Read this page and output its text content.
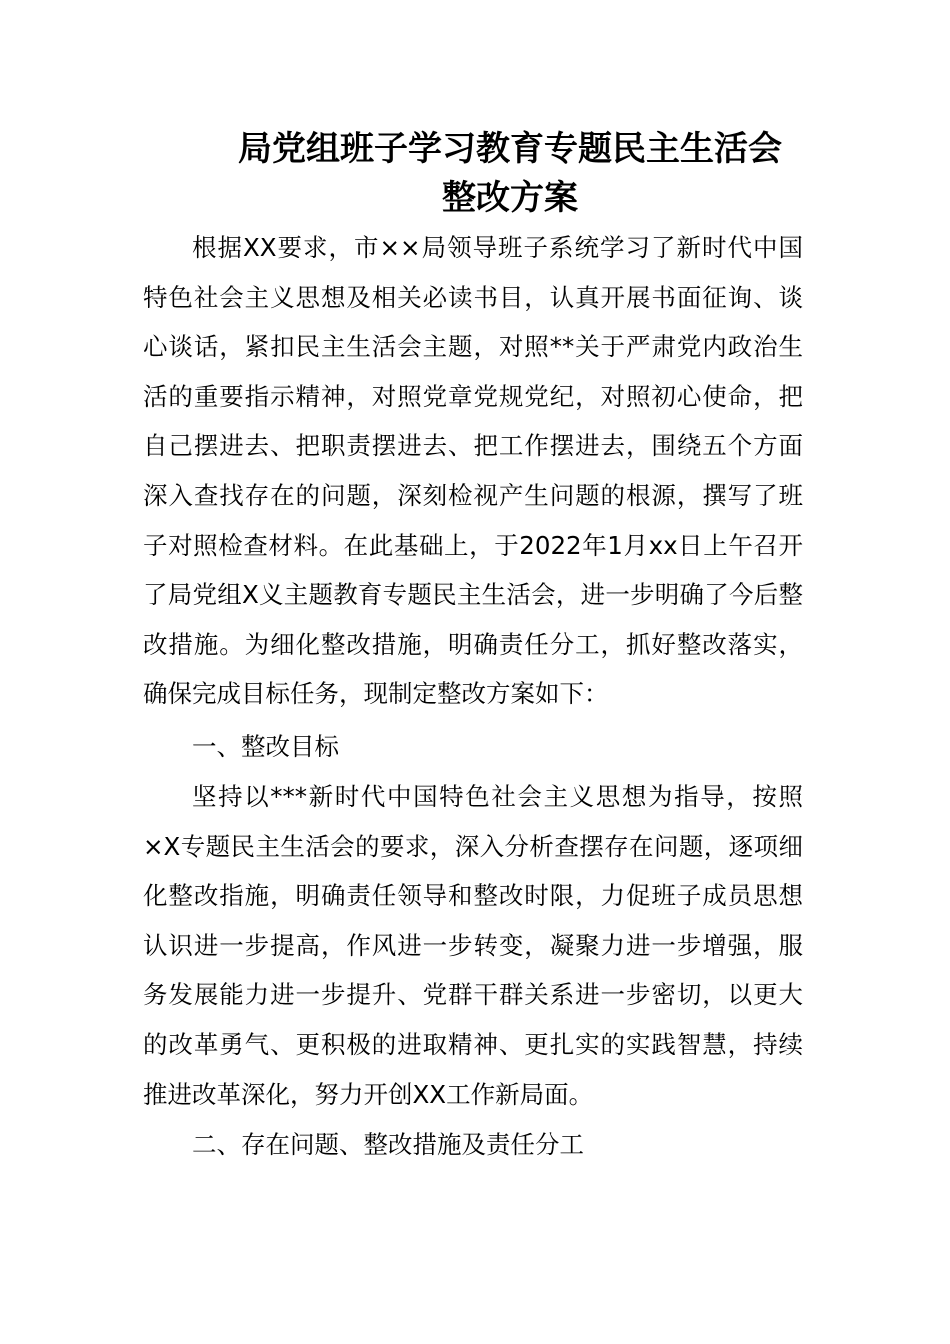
局党组班子学习教育专题民主生活会
整改方案

根据XX要求，市××局领导班子系统学习了新时代中国特色社会主义思想及相关必读书目，认真开展书面征询、谈心谈话，紧扣民主生活会主题，对照**关于严肃党内政治生活的重要指示精神，对照党章党规党纪，对照初心使命，把自己摆进去、把职责摆进去、把工作摆进去，围绕五个方面深入查找存在的问题，深刻检视产生问题的根源，撰写了班子对照检查材料。在此基础上，于2022年1月xx日上午召开了局党组X义主题教育专题民主生活会，进一步明确了今后整改措施。为细化整改措施，明确责任分工，抓好整改落实，确保完成目标任务，现制定整改方案如下：

一、整改目标

坚持以***新时代中国特色社会主义思想为指导，按照×X专题民主生活会的要求，深入分析查摆存在问题，逐项细化整改指施，明确责任领导和整改时限，力促班子成员思想认识进一步提高，作风进一步转变，凝聚力进一步增强，服务发展能力进一步提升、党群干群关系进一步密切，以更大的改革勇气、更积极的进取精神、更扎实的实践智慧，持续推进改革深化，努力开创XX工作新局面。

二、存在问题、整改措施及责任分工
